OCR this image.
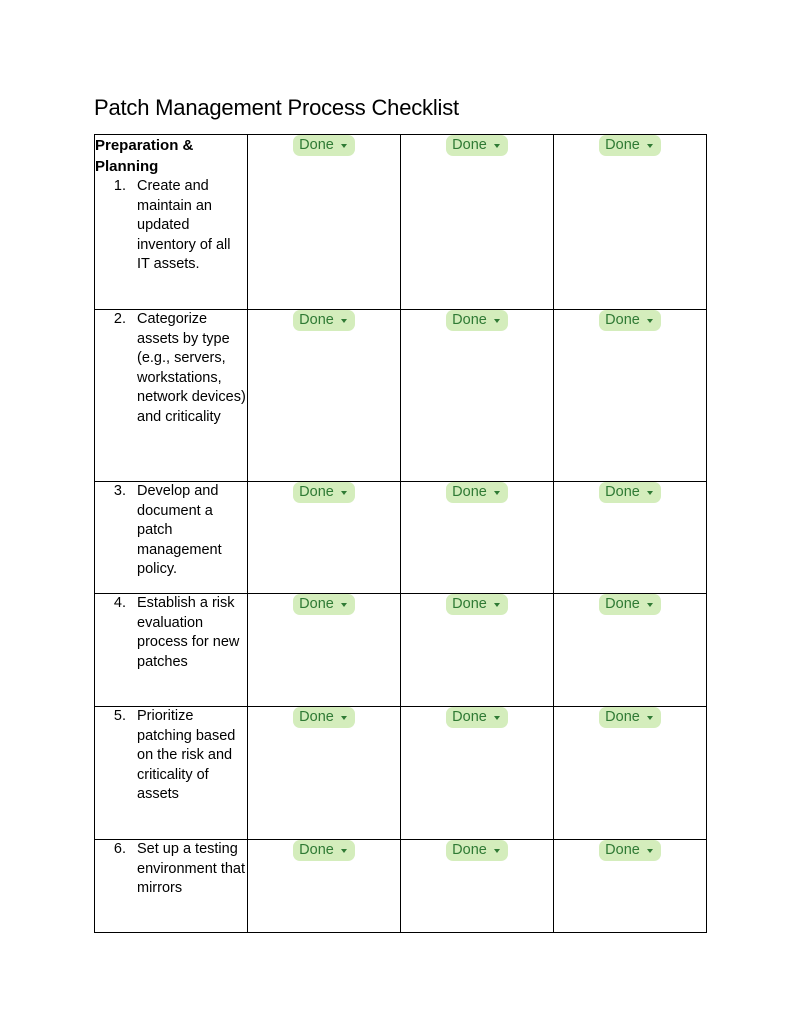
Patch Management Process Checklist
Preparation & Planning
1. Create and maintain an updated inventory of all IT assets.	Done	Done	Done

2. Categorize assets by type (e.g., servers, workstations, network devices) and criticality	Done	Done	Done

3. Develop and document a patch management policy.	Done	Done	Done

4. Establish a risk evaluation process for new patches	Done	Done	Done

5. Prioritize patching based on the risk and criticality of assets	Done	Done	Done

6. Set up a testing environment that mirrors	Done	Done	Done
